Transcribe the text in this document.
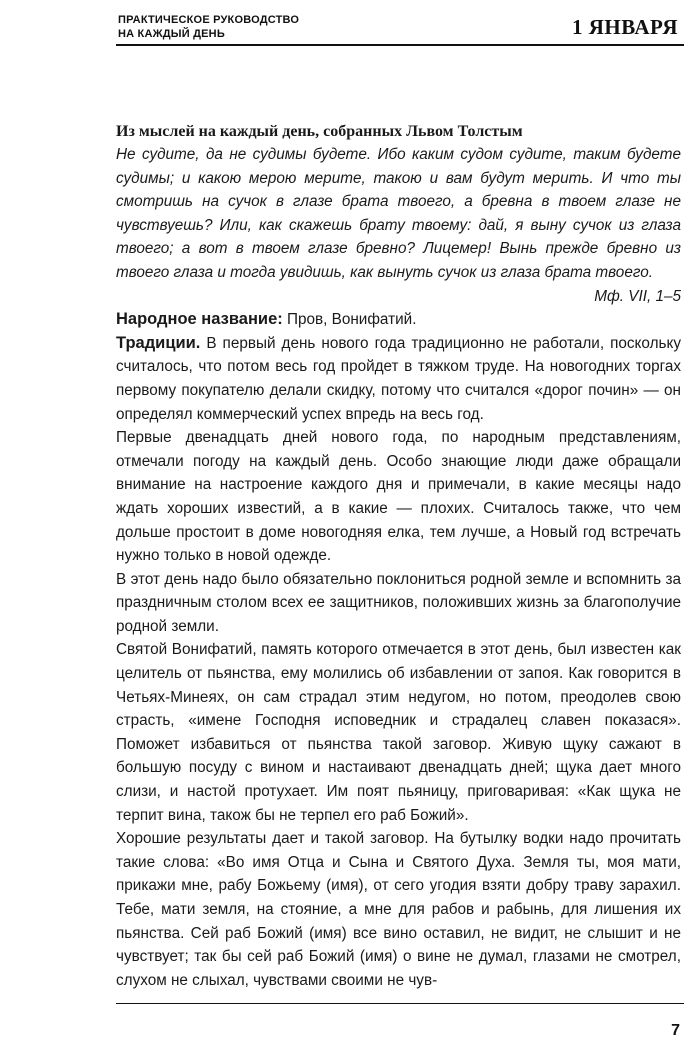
ПРАКТИЧЕСКОЕ РУКОВОДСТВО
НА КАЖДЫЙ ДЕНЬ	1 ЯНВАРЯ
Из мыслей на каждый день, собранных Львом Толстым

Не судите, да не судимы будете. Ибо каким судом судите, таким будете судимы; и какою мерою мерите, такою и вам будут мерить. И что ты смотришь на сучок в глазе брата твоего, а бревна в твоем глазе не чувствуешь? Или, как скажешь брату твоему: дай, я выну сучок из глаза твоего; а вот в твоем глазе бревно? Лицемер! Вынь прежде бревно из твоего глаза и тогда увидишь, как вынуть сучок из глаза брата твоего.

Мф. VII, 1–5

Народное название: Пров, Вонифатий.

Традиции. В первый день нового года традиционно не работали, поскольку считалось, что потом весь год пройдет в тяжком труде. На новогодних торгах первому покупателю делали скидку, потому что считался «дорог почин» — он определял коммерческий успех впредь на весь год.

Первые двенадцать дней нового года, по народным представлениям, отмечали погоду на каждый день. Особо знающие люди даже обращали внимание на настроение каждого дня и примечали, в какие месяцы надо ждать хороших известий, а в какие — плохих. Считалось также, что чем дольше простоит в доме новогодняя елка, тем лучше, а Новый год встречать нужно только в новой одежде.

В этот день надо было обязательно поклониться родной земле и вспомнить за праздничным столом всех ее защитников, положивших жизнь за благополучие родной земли.

Святой Вонифатий, память которого отмечается в этот день, был известен как целитель от пьянства, ему молились об избавлении от запоя. Как говорится в Четьях-Минеях, он сам страдал этим недугом, но потом, преодолев свою страсть, «имене Господня исповедник и страдалец славен показася». Поможет избавиться от пьянства такой заговор. Живую щуку сажают в большую посуду с вином и настаивают двенадцать дней; щука дает много слизи, и настой протухает. Им поят пьяницу, приговаривая: «Как щука не терпит вина, також бы не терпел его раб Божий».

Хорошие результаты дает и такой заговор. На бутылку водки надо прочитать такие слова: «Во имя Отца и Сына и Святого Духа. Земля ты, моя мати, прикажи мне, рабу Божьему (имя), от сего угодия взяти добру траву зарахил. Тебе, мати земля, на стояние, а мне для рабов и рабынь, для лишения их пьянства. Сей раб Божий (имя) все вино оставил, не видит, не слышит и не чувствует; так бы сей раб Божий (имя) о вине не думал, глазами не смотрел, слухом не слыхал, чувствами своими не чув-

7
